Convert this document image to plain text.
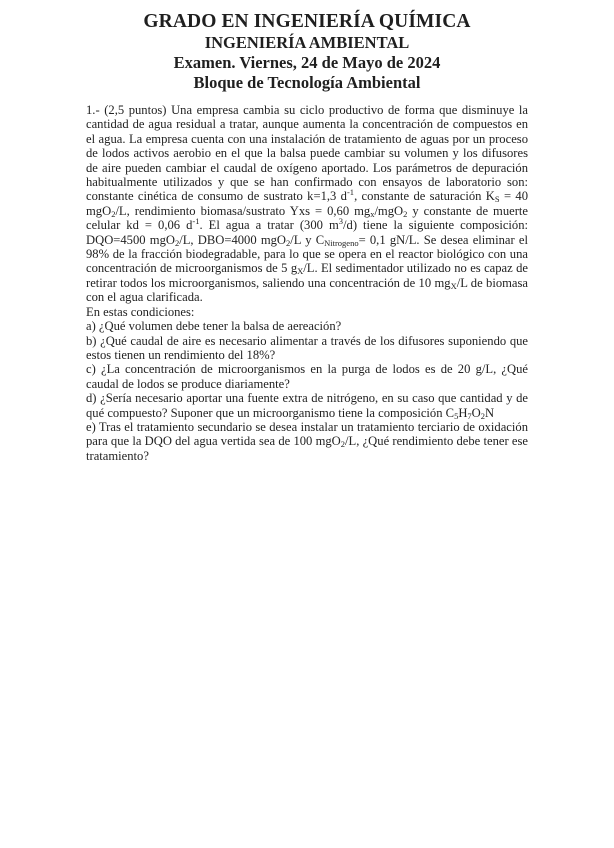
GRADO EN INGENIERÍA QUÍMICA
INGENIERÍA AMBIENTAL
Examen. Viernes, 24 de Mayo de 2024
Bloque de Tecnología Ambiental

1.- (2,5 puntos) Una empresa cambia su ciclo productivo de forma que disminuye la cantidad de agua residual a tratar, aunque aumenta la concentración de compuestos en el agua. La empresa cuenta con una instalación de tratamiento de aguas por un proceso de lodos activos aerobio en el que la balsa puede cambiar su volumen y los difusores de aire pueden cambiar el caudal de oxígeno aportado. Los parámetros de depuración habitualmente utilizados y que se han confirmado con ensayos de laboratorio son: constante cinética de consumo de sustrato k=1,3 $d^{-1}$, constante de saturación $K_S = 40$ mgO$_2$/L, rendimiento biomasa/sustrato Yxs = 0,60 $mg_x/mgO_2$ y constante de muerte celular kd = 0,06 $d^{-1}$. El agua a tratar (300 $m^3/d$) tiene la siguiente composición: DQO=4500 mgO$_2$/L, DBO=4000 mgO$_2$/L y $C_{Nitrogeno}= 0,1$ gN/L. Se desea eliminar el 98% de la fracción biodegradable, para lo que se opera en el reactor biológico con una concentración de microorganismos de 5 $g_X/L$. El sedimentador utilizado no es capaz de retirar todos los microorganismos, saliendo una concentración de 10 $mg_X/L$ de biomasa con el agua clarificada.

En estas condiciones:

a) ¿Qué volumen debe tener la balsa de aereación?

b) ¿Qué caudal de aire es necesario alimentar a través de los difusores suponiendo que estos tienen un rendimiento del 18%?

c) ¿La concentración de microorganismos en la purga de lodos es de 20 g/L, ¿Qué caudal de lodos se produce diariamente?

d) ¿Sería necesario aportar una fuente extra de nitrógeno, en su caso que cantidad y de qué compuesto? Suponer que un microorganismo tiene la composición $C_5H_7O_2N$

e) Tras el tratamiento secundario se desea instalar un tratamiento terciario de oxidación para que la DQO del agua vertida sea de 100 mgO$_2$/L, ¿Qué rendimiento debe tener ese tratamiento?
